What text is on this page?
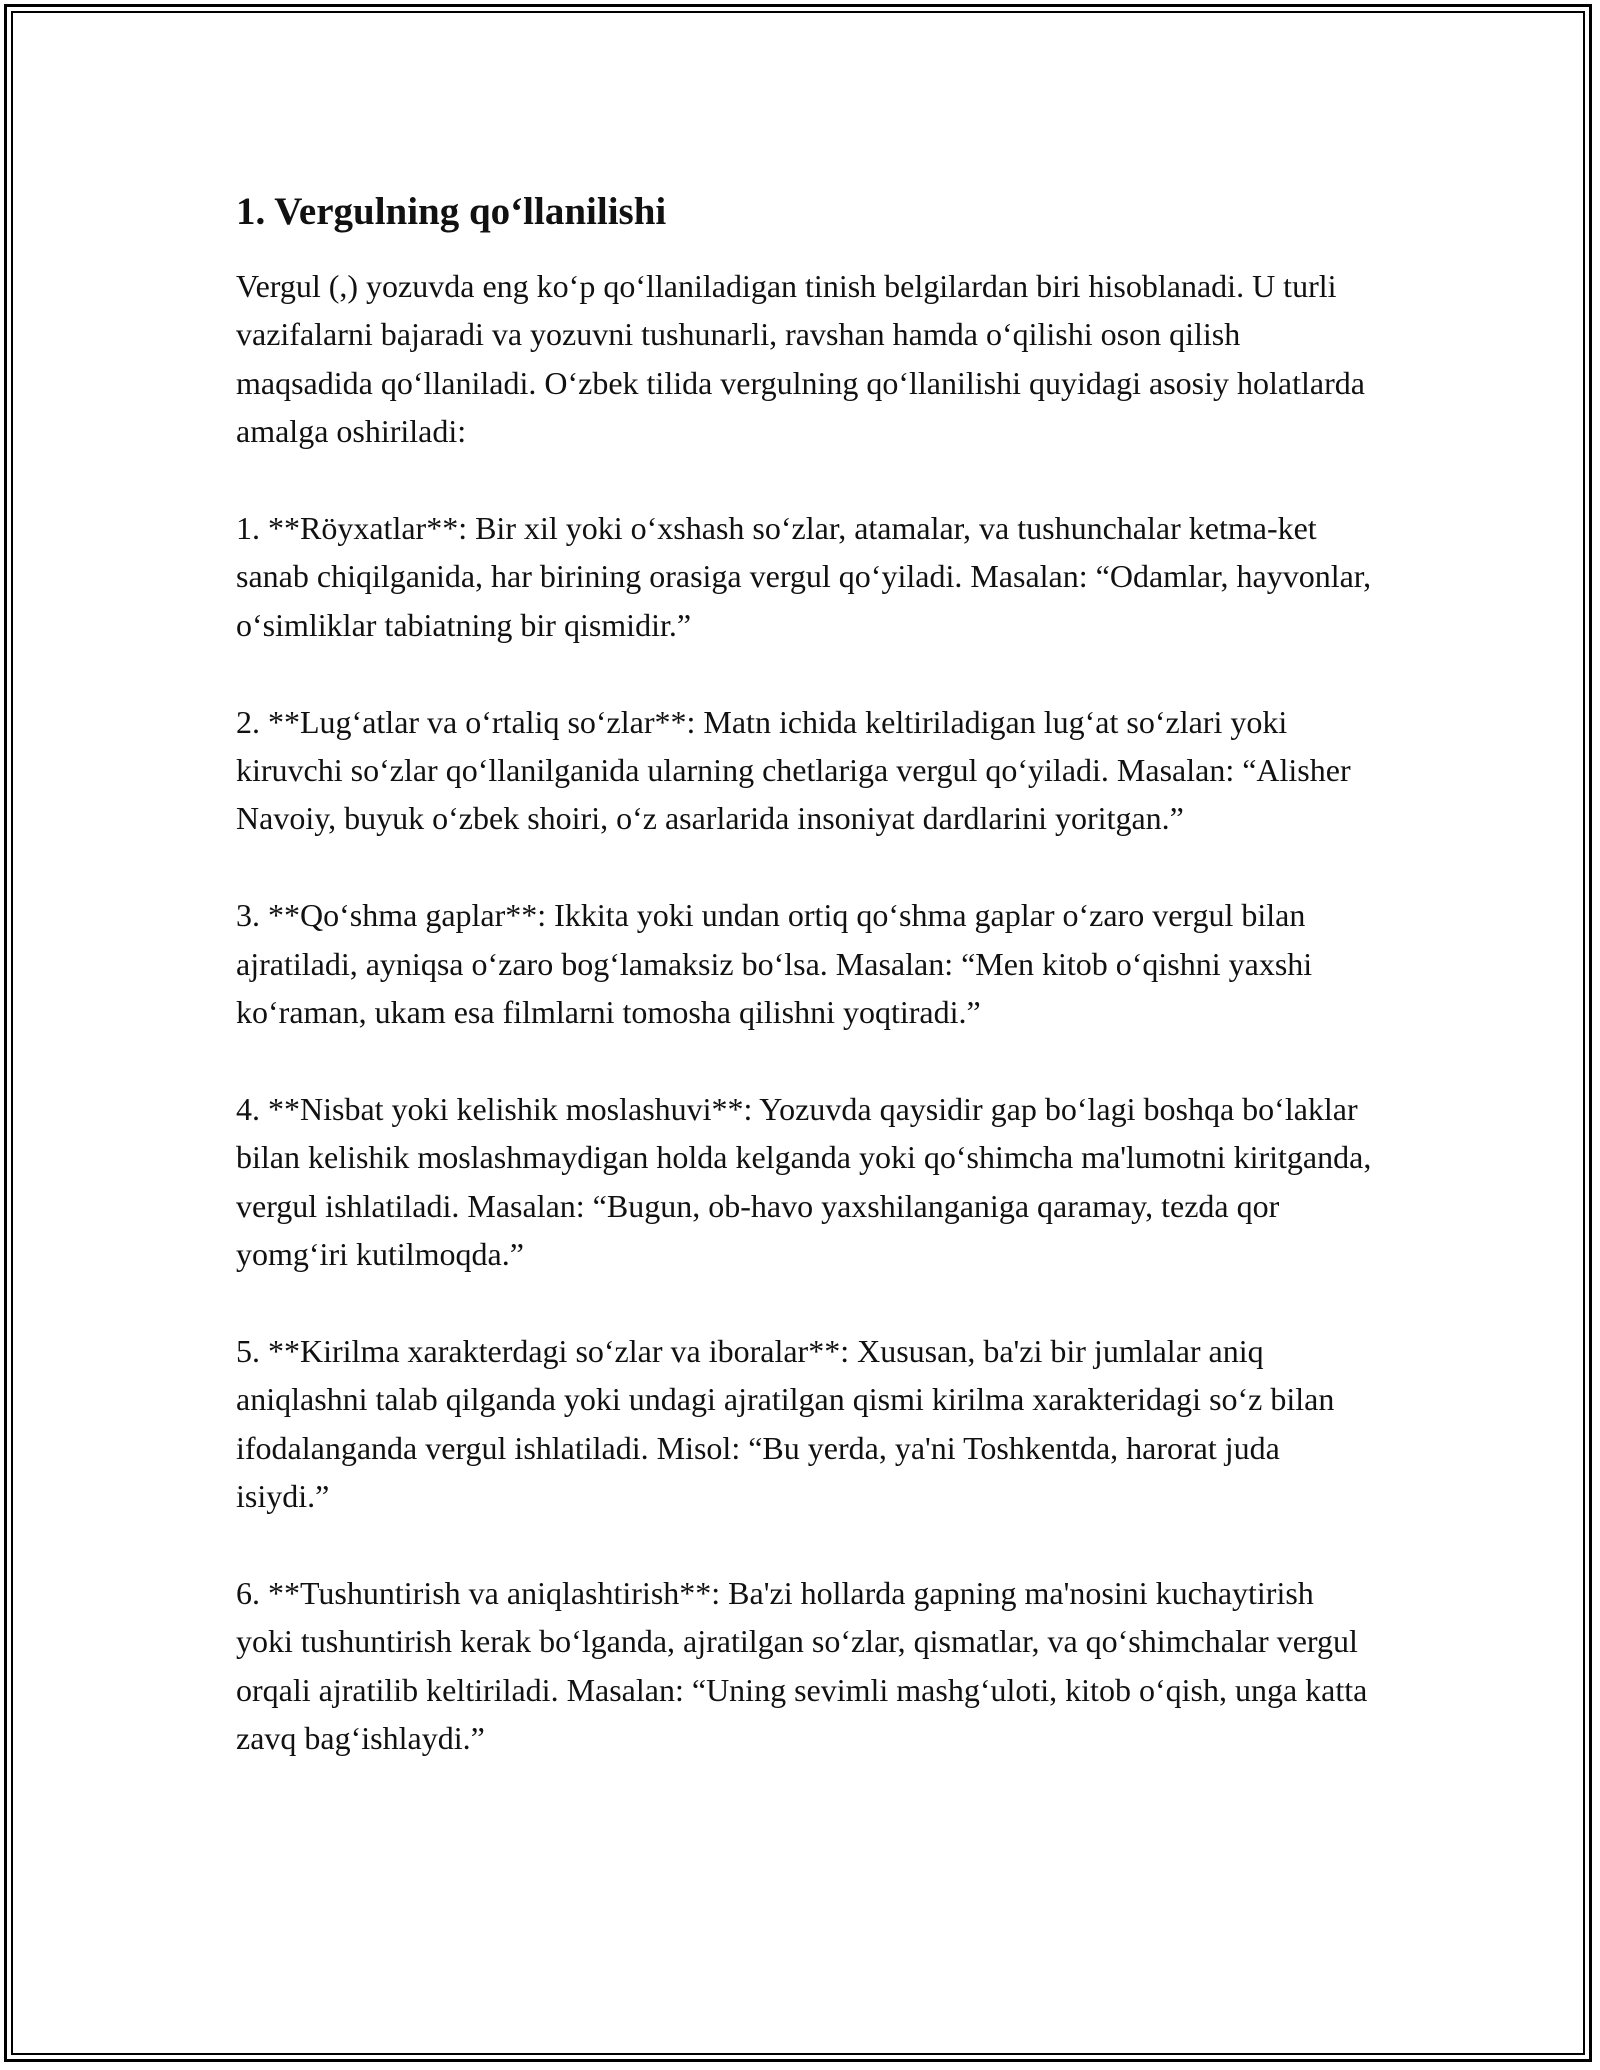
1. Vergulning qo‘llanilishi

Vergul (,) yozuvda eng ko‘p qo‘llaniladigan tinish belgilardan biri hisoblanadi. U turli vazifalarni bajaradi va yozuvni tushunarli, ravshan hamda o‘qilishi oson qilish maqsadida qo‘llaniladi. O‘zbek tilida vergulning qo‘llanilishi quyidagi asosiy holatlarda amalga oshiriladi:

1. **Röyxatlar**: Bir xil yoki o‘xshash so‘zlar, atamalar, va tushunchalar ketma-ket sanab chiqilganida, har birining orasiga vergul qo‘yiladi. Masalan: “Odamlar, hayvonlar, o‘simliklar tabiatning bir qismidir.”

2. **Lug‘atlar va o‘rtaliq so‘zlar**: Matn ichida keltiriladigan lug‘at so‘zlari yoki kiruvchi so‘zlar qo‘llanilganida ularning chetlariga vergul qo‘yiladi. Masalan: “Alisher Navoiy, buyuk o‘zbek shoiri, o‘z asarlarida insoniyat dardlarini yoritgan.”

3. **Qo‘shma gaplar**: Ikkita yoki undan ortiq qo‘shma gaplar o‘zaro vergul bilan ajratiladi, ayniqsa o‘zaro bog‘lamaksiz bo‘lsa. Masalan: “Men kitob o‘qishni yaxshi ko‘raman, ukam esa filmlarni tomosha qilishni yoqtiradi.”

4. **Nisbat yoki kelishik moslashuvi**: Yozuvda qaysidir gap bo‘lagi boshqa bo‘laklar bilan kelishik moslashmaydigan holda kelganda yoki qo‘shimcha ma'lumotni kiritganda, vergul ishlatiladi. Masalan: “Bugun, ob-havo yaxshilanganiga qaramay, tezda qor yomg‘iri kutilmoqda.”

5. **Kirilma xarakterdagi so‘zlar va iboralar**: Xususan, ba'zi bir jumlalar aniq aniqlashni talab qilganda yoki undagi ajratilgan qismi kirilma xarakteridagi so‘z bilan ifodalanganda vergul ishlatiladi. Misol: “Bu yerda, ya'ni Toshkentda, harorat juda isiydi.”

6. **Tushuntirish va aniqlashtirish**: Ba'zi hollarda gapning ma'nosini kuchaytirish yoki tushuntirish kerak bo‘lganda, ajratilgan so‘zlar, qismatlar, va qo‘shimchalar vergul orqali ajratilib keltiriladi. Masalan: “Uning sevimli mashg‘uloti, kitob o‘qish, unga katta zavq bag‘ishlaydi.”
